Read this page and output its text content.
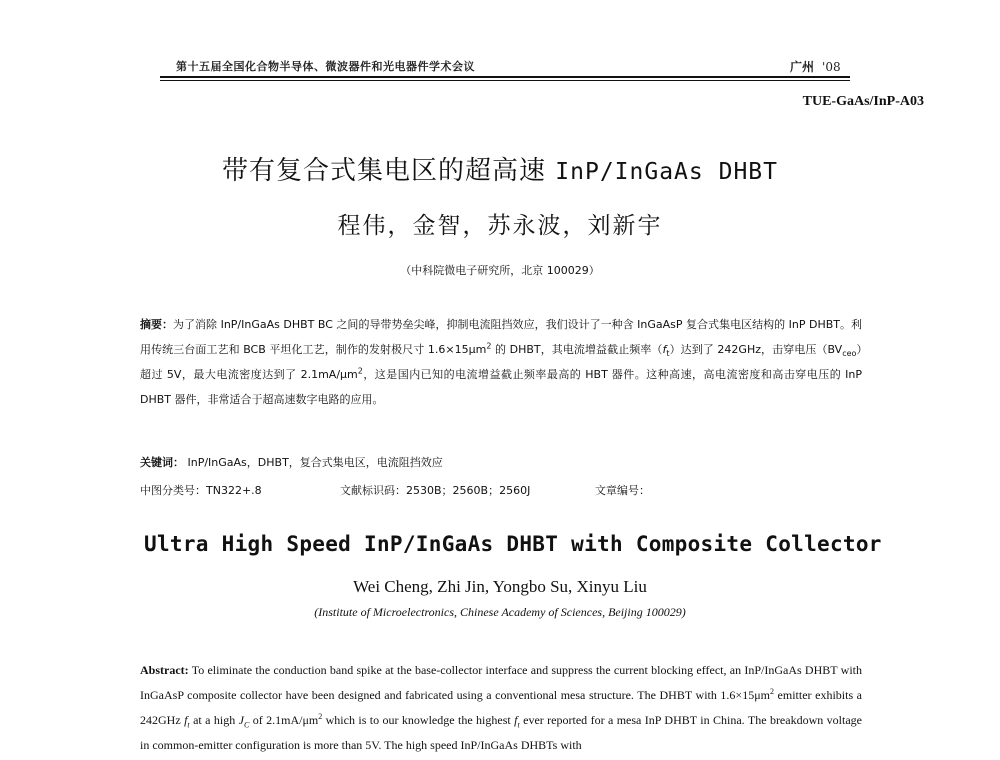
第十五届全国化合物半导体、微波器件和光电器件学术会议	广州 '08
TUE-GaAs/InP-A03
带有复合式集电区的超高速 InP/InGaAs DHBT
程伟，金智，苏永波，刘新宇
（中科院微电子研究所，北京 100029）
摘要：为了消除 InP/InGaAs DHBT BC 之间的导带势垒尖峰，抑制电流阻挡效应，我们设计了一种含 InGaAsP 复合式集电区结构的 InP DHBT。利用传统三台面工艺和 BCB 平坦化工艺，制作的发射极尺寸 $1.6\times 15\mu m^2$ 的 DHBT，其电流增益截止频率$(f_t)$达到了 242GHz，击穿电压$(BV_{ceo})$超过 5V，最大电流密度达到了 $2.1mA/\mu m^2$，这是国内已知的电流增益截止频率最高的 HBT 器件。这种高速，高电流密度和高击穿电压的 InP DHBT 器件，非常适合于超高速数字电路的应用。
关键词： InP/InGaAs，DHBT，复合式集电区，电流阻挡效应
中图分类号：TN322+.8	文献标识码：2530B；2560B；2560J	文章编号：
Ultra High Speed InP/InGaAs DHBT with Composite Collector
Wei Cheng, Zhi Jin, Yongbo Su, Xinyu Liu
(Institute of Microelectronics, Chinese Academy of Sciences, Beijing 100029)
Abstract: To eliminate the conduction band spike at the base-collector interface and suppress the current blocking effect, an InP/InGaAs DHBT with InGaAsP composite collector have been designed and fabricated using a conventional mesa structure. The DHBT with $1.6\times 15\mu m^2$ emitter exhibits a 242GHz $f_t$ at a high $J_C$ of $2.1mA/\mu m^2$ which is to our knowledge the highest $f_t$ ever reported for a mesa InP DHBT in China. The breakdown voltage in common-emitter configuration is more than 5V. The high speed InP/InGaAs DHBTs with
